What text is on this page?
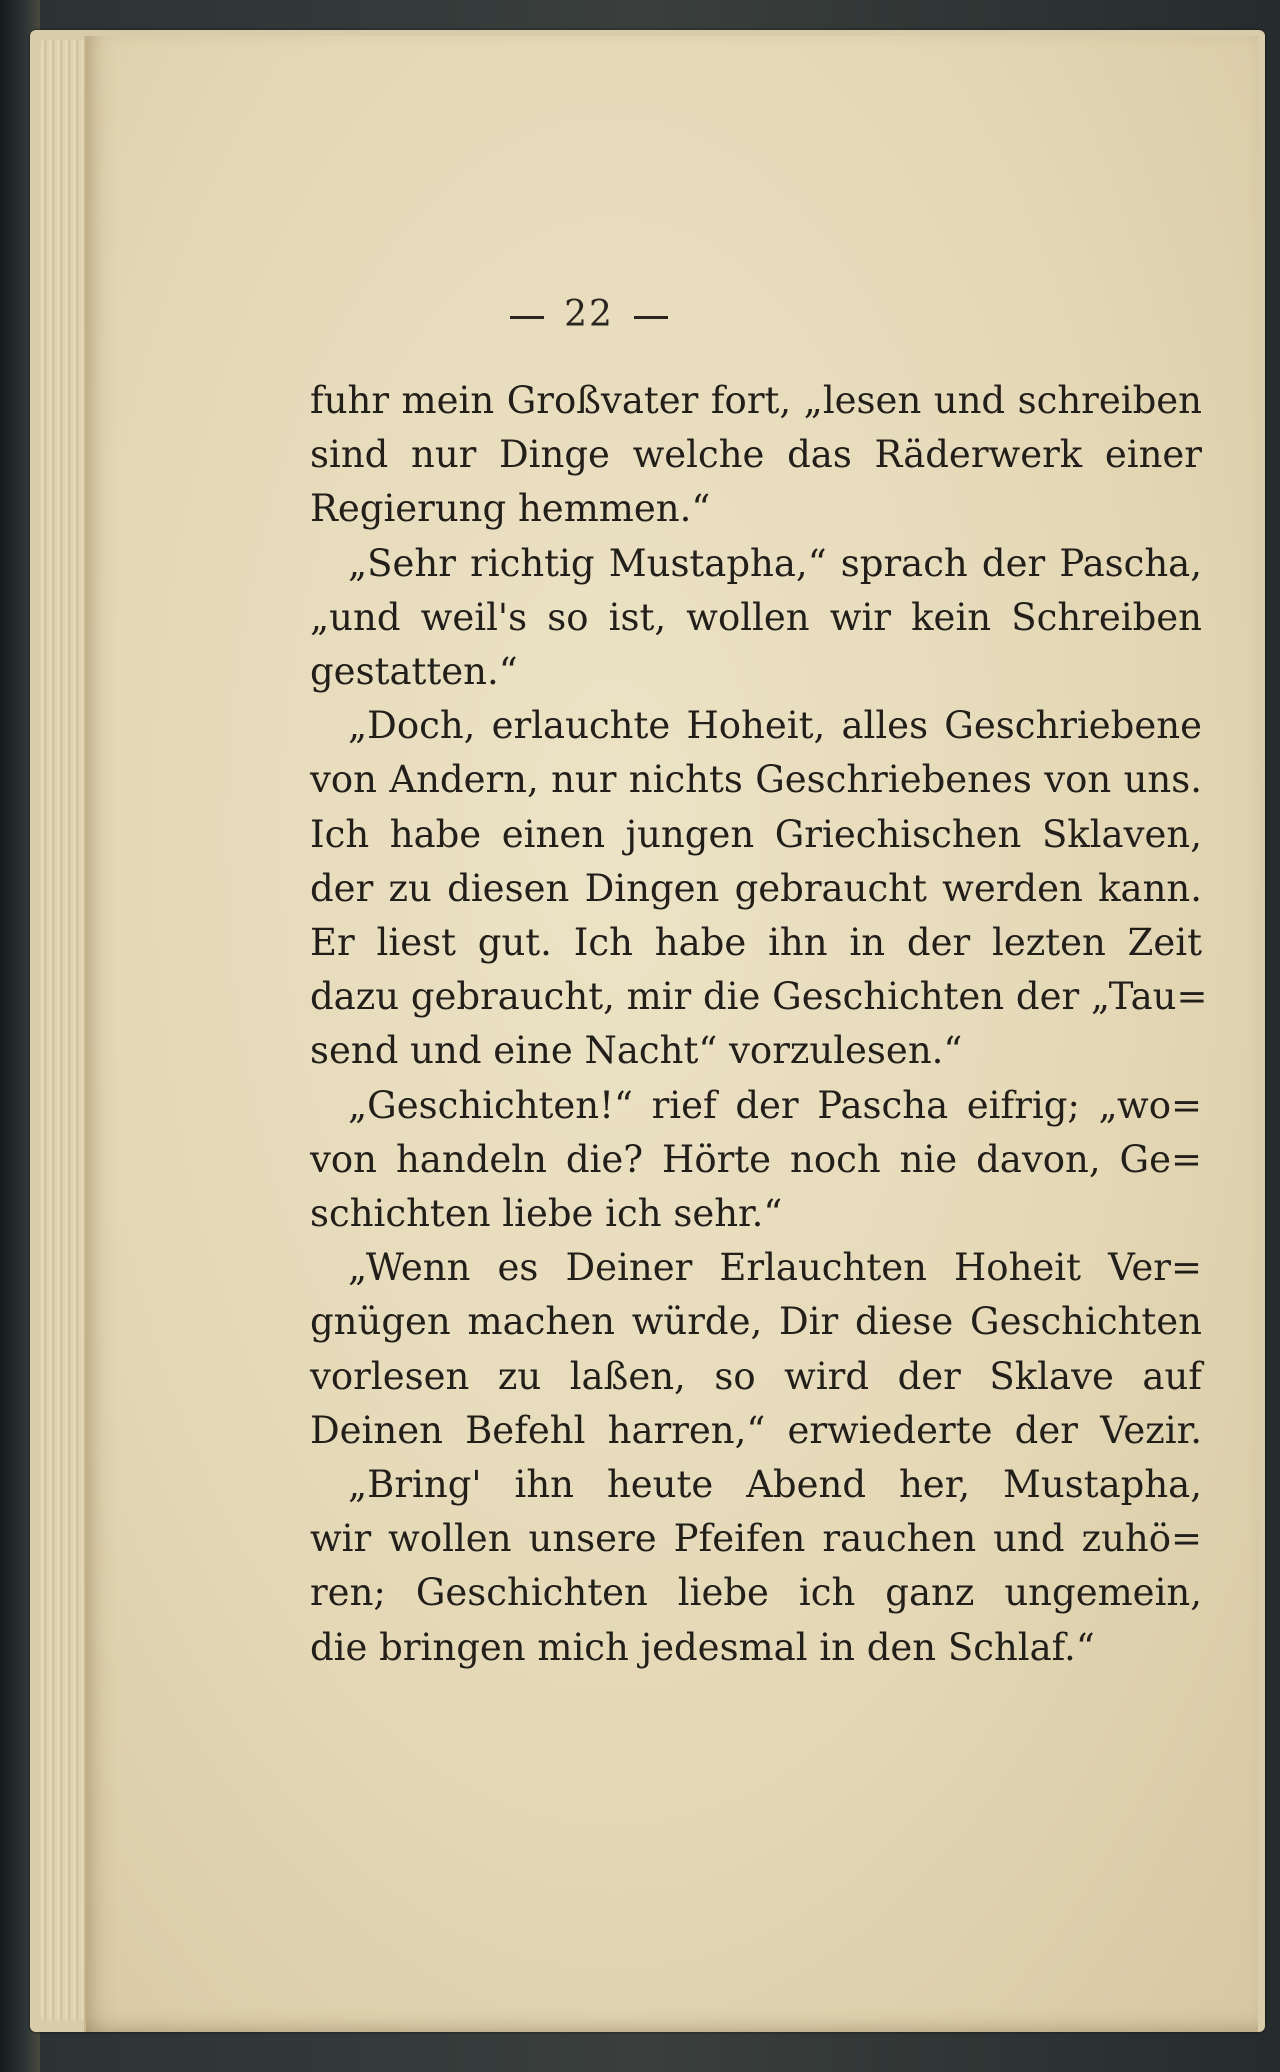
22
fuhr mein Großvater fort, „lesen und schreiben
sind nur Dinge welche das Räderwerk einer
Regierung hemmen.“
„Sehr richtig Mustapha,“ sprach der Pascha,
„und weil's so ist, wollen wir kein Schreiben
gestatten.“
„Doch, erlauchte Hoheit, alles Geschriebene
von Andern, nur nichts Geschriebenes von uns.
Ich habe einen jungen Griechischen Sklaven,
der zu diesen Dingen gebraucht werden kann.
Er liest gut. Ich habe ihn in der lezten Zeit
dazu gebraucht, mir die Geschichten der „Tau=
send und eine Nacht“ vorzulesen.“
„Geschichten!“ rief der Pascha eifrig; „wo=
von handeln die? Hörte noch nie davon, Ge=
schichten liebe ich sehr.“
„Wenn es Deiner Erlauchten Hoheit Ver=
gnügen machen würde, Dir diese Geschichten
vorlesen zu laßen, so wird der Sklave auf
Deinen Befehl harren,“ erwiederte der Vezir.
„Bring' ihn heute Abend her, Mustapha,
wir wollen unsere Pfeifen rauchen und zuhö=
ren; Geschichten liebe ich ganz ungemein,
die bringen mich jedesmal in den Schlaf.“
